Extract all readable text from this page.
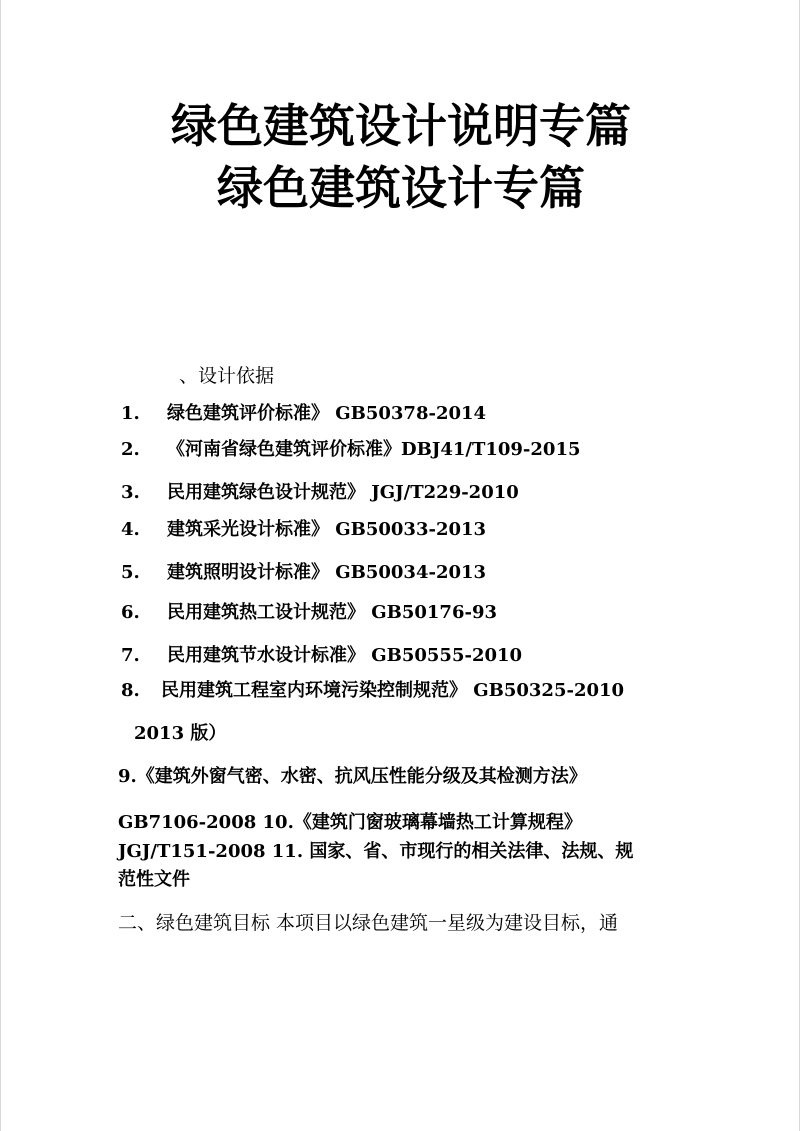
绿色建筑设计说明专篇
绿色建筑设计专篇
、设计依据
1. 绿色建筑评价标准》 GB50378-2014
2. 《河南省绿色建筑评价标准》DBJ41/T109-2015
3. 民用建筑绿色设计规范》 JGJ/T229-2010
4. 建筑采光设计标准》 GB50033-2013
5. 建筑照明设计标准》 GB50034-2013
6. 民用建筑热工设计规范》 GB50176-93
7. 民用建筑节水设计标准》 GB50555-2010
8. 民用建筑工程室内环境污染控制规范》 GB50325-2010
2013 版）
9.《建筑外窗气密、水密、抗风压性能分级及其检测方法》
GB7106-2008 10.《建筑门窗玻璃幕墙热工计算规程》
JGJ/T151-2008 11. 国家、省、市现行的相关法律、法规、规
范性文件
二、绿色建筑目标 本项目以绿色建筑一星级为建设目标，通
